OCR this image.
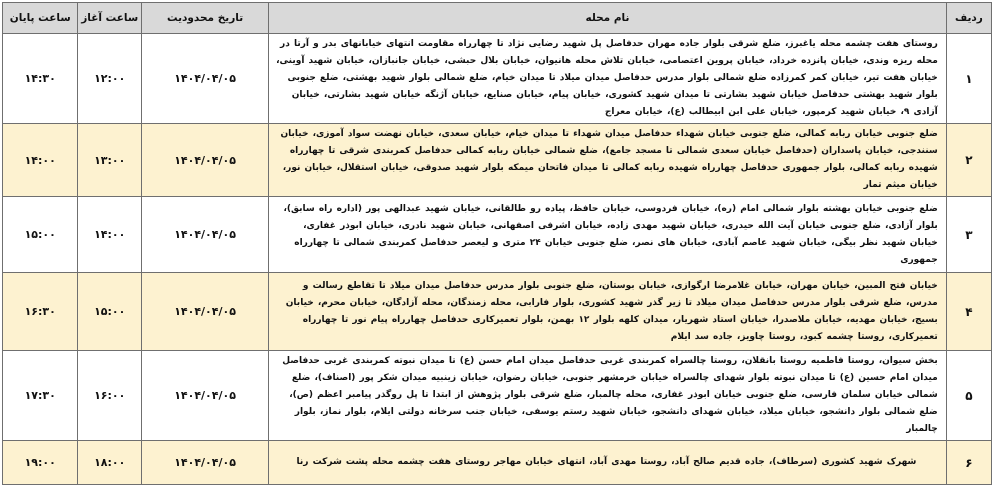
ردیف	نام محله	تاریخ محدودیت	ساعت آغاز	ساعت پایان
۱	روستای هفت چشمه محله یاغبرز، ضلع شرقی بلوار جاده مهران حدفاصل پل شهید رضایی نژاد تا چهارراه مقاومت انتهای خیابانهای بدر و آرتا در محله ریزه وندی، خیابان پانزده خرداد، خیابان پروین اعتصامی، خیابان تلاش محله هانیوان، خیابان بلال حبشی، خیابان جانبازان، خیابان شهید آوینی، خیابان هفت تیر، خیابان کمر کمرزاده ضلع شمالی بلوار مدرس حدفاصل میدان میلاد تا میدان خیام، ضلع شمالی بلوار شهید بهشتی، ضلع جنوبی بلوار شهید بهشتی حدفاصل خیابان شهید بشارتی تا میدان شهید کشوری، خیابان پیام، خیابان صنایع، خیابان آژنگه خیابان شهید بشارتی، خیابان آزادی ۹، خیابان شهید کرمپور، خیابان علی ابن ابیطالب (ع)، خیابان معراج	۱۴۰۴/۰۴/۰۵	۱۲:۰۰	۱۴:۳۰
۲	ضلع جنوبی خیابان ربابه کمالی، ضلع جنوبی خیابان شهداء حدفاصل میدان شهداء تا میدان خیام، خیابان سعدی، خیابان نهضت سواد آموزی، خیابان سنندجی، خیابان پاسداران (حدفاصل خیابان سعدی شمالی تا مسجد جامع)، ضلع شمالی خیابان ربابه کمالی حدفاصل کمربندی شرقی تا چهارراه شهیده ربابه کمالی، بلوار جمهوری حدفاصل چهارراه شهیده ربابه کمالی تا میدان فاتحان میمکه بلوار شهید صدوقی، خیابان استقلال، خیابان نور، خیابان میثم تمار	۱۴۰۴/۰۴/۰۵	۱۳:۰۰	۱۴:۰۰
۳	ضلع جنوبی خیابان بهشته بلوار شمالی امام (ره)، خیابان فردوسی، خیابان حافظ، پیاده رو طالقانی، خیابان شهید عبدالهی پور (اداره راه سابق)، بلوار آزادی، ضلع جنوبی خیابان آیت الله حیدری، خیابان شهید مهدی زاده، خیابان اشرفی اصفهانی، خیابان شهید نادری، خیابان ابوذر غفاری، خیابان شهید نظر بیگی، خیابان شهید عاصم آبادی، خیابان های نصر، ضلع جنوبی خیابان ۲۴ متری و لیعصر حدفاصل کمربندی شمالی تا چهارراه جمهوری	۱۴۰۴/۰۴/۰۵	۱۴:۰۰	۱۵:۰۰
۴	خیابان فتح المبین، خیابان مهران، خیابان غلامرضا ارگوازی، خیابان بوستان، ضلع جنوبی بلوار مدرس حدفاصل میدان میلاد تا تقاطع رسالت و مدرس، ضلع شرقی بلوار مدرس حدفاصل میدان میلاد تا زیر گذر شهید کشوری، بلوار فارابی، محله زمندگان، محله آزادگان، خیابان محرم، خیابان بسیج، خیابان مهدیه، خیابان ملاصدرا، خیابان استاد شهریار، میدان کلهه بلوار ۱۲ بهمن، بلوار تعمیرکاری حدفاصل چهارراه پیام نور تا چهارراه تعمیرکاری، روستا چشمه کبود، روستا چاویز، جاده سد ایلام	۱۴۰۴/۰۴/۰۵	۱۵:۰۰	۱۶:۳۰
۵	بخش سیوان، روستا فاطمیه روستا بانقلان، روستا چالسراه کمربندی غربی حدفاصل میدان امام حسن (ع) تا میدان نبوته کمربندی غربی حدفاصل میدان امام حسین (ع) تا میدان نبوته بلوار شهدای چالسراه خیابان خرمشهر جنوبی، خیابان رضوان، خیابان زینبیه میدان شکر پور (اصناف)، ضلع شمالی خیابان سلمان فارسی، ضلع جنوبی خیابان ابوذر غفاری، محله چالمبار، ضلع شرقی بلوار پژوهش از ابتدا تا پل روگذر پیامبر اعظم (ص)، ضلع شمالی بلوار دانشجو، خیابان میلاد، خیابان شهدای دانشجو، خیابان شهید رستم یوسفی، خیابان جنب سرخانه دولتی ایلام، بلوار نماز، بلوار چالمبار	۱۴۰۴/۰۴/۰۵	۱۶:۰۰	۱۷:۳۰
۶	شهرک شهید کشوری (سرطاف)، جاده قدیم صالح آباد، روستا مهدی آباد، انتهای خیابان مهاجر روستای هفت چشمه محله پشت شرکت رنا	۱۴۰۴/۰۴/۰۵	۱۸:۰۰	۱۹:۰۰
